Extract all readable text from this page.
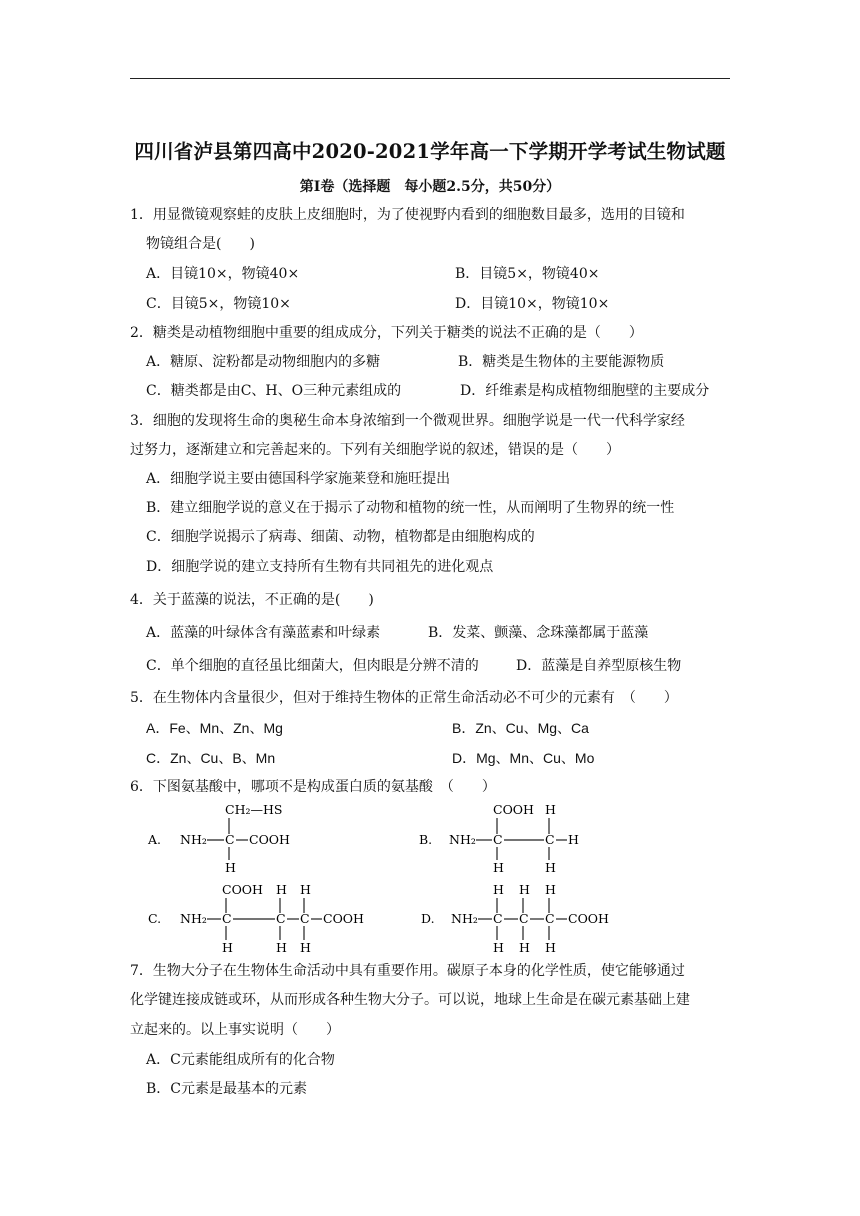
四川省泸县第四高中2020-2021学年高一下学期开学考试生物试题
第Ⅰ卷（选择题　每小题2.5分，共50分）
1．用显微镜观察蛙的皮肤上皮细胞时，为了使视野内看到的细胞数目最多，选用的目镜和
物镜组合是(　　)
A．目镜10×，物镜40×	B．目镜5×，物镜40×
C．目镜5×，物镜10×	D．目镜10×，物镜10×
2．糖类是动植物细胞中重要的组成成分，下列关于糖类的说法不正确的是（　　）
A．糖原、淀粉都是动物细胞内的多糖	B．糖类是生物体的主要能源物质
C．糖类都是由C、H、O三种元素组成的	D．纤维素是构成植物细胞壁的主要成分
3．细胞的发现将生命的奥秘生命本身浓缩到一个微观世界。细胞学说是一代一代科学家经
过努力，逐渐建立和完善起来的。下列有关细胞学说的叙述，错误的是（　　）
A．细胞学说主要由德国科学家施莱登和施旺提出
B．建立细胞学说的意义在于揭示了动物和植物的统一性，从而阐明了生物界的统一性
C．细胞学说揭示了病毒、细菌、动物，植物都是由细胞构成的
D．细胞学说的建立支持所有生物有共同祖先的进化观点
4．关于蓝藻的说法，不正确的是(　　)
A．蓝藻的叶绿体含有藻蓝素和叶绿素	B．发菜、颤藻、念珠藻都属于蓝藻
C．单个细胞的直径虽比细菌大，但肉眼是分辨不清的	D．蓝藻是自养型原核生物
5．在生物体内含量很少，但对于维持生物体的正常生命活动必不可少的元素有　（　　）
A．Fe、Mn、Zn、Mg	B．Zn、Cu、Mg、Ca
C．Zn、Cu、B、Mn	D．Mg、Mn、Cu、Mo
6．下图氨基酸中，哪项不是构成蛋白质的氨基酸　（　　）
CH₂—HS
A. NH₂ C COOH
H
COOH H
B. NH₂ C	C H
H	H
COOH H H
C. NH₂ C	C C COOH
H	H H
H H H
D. NH₂ C C C COOH
H H H
7．生物大分子在生物体生命活动中具有重要作用。碳原子本身的化学性质，使它能够通过
化学键连接成链或环，从而形成各种生物大分子。可以说，地球上生命是在碳元素基础上建
立起来的。以上事实说明（　　）
A．C元素能组成所有的化合物
B．C元素是最基本的元素
